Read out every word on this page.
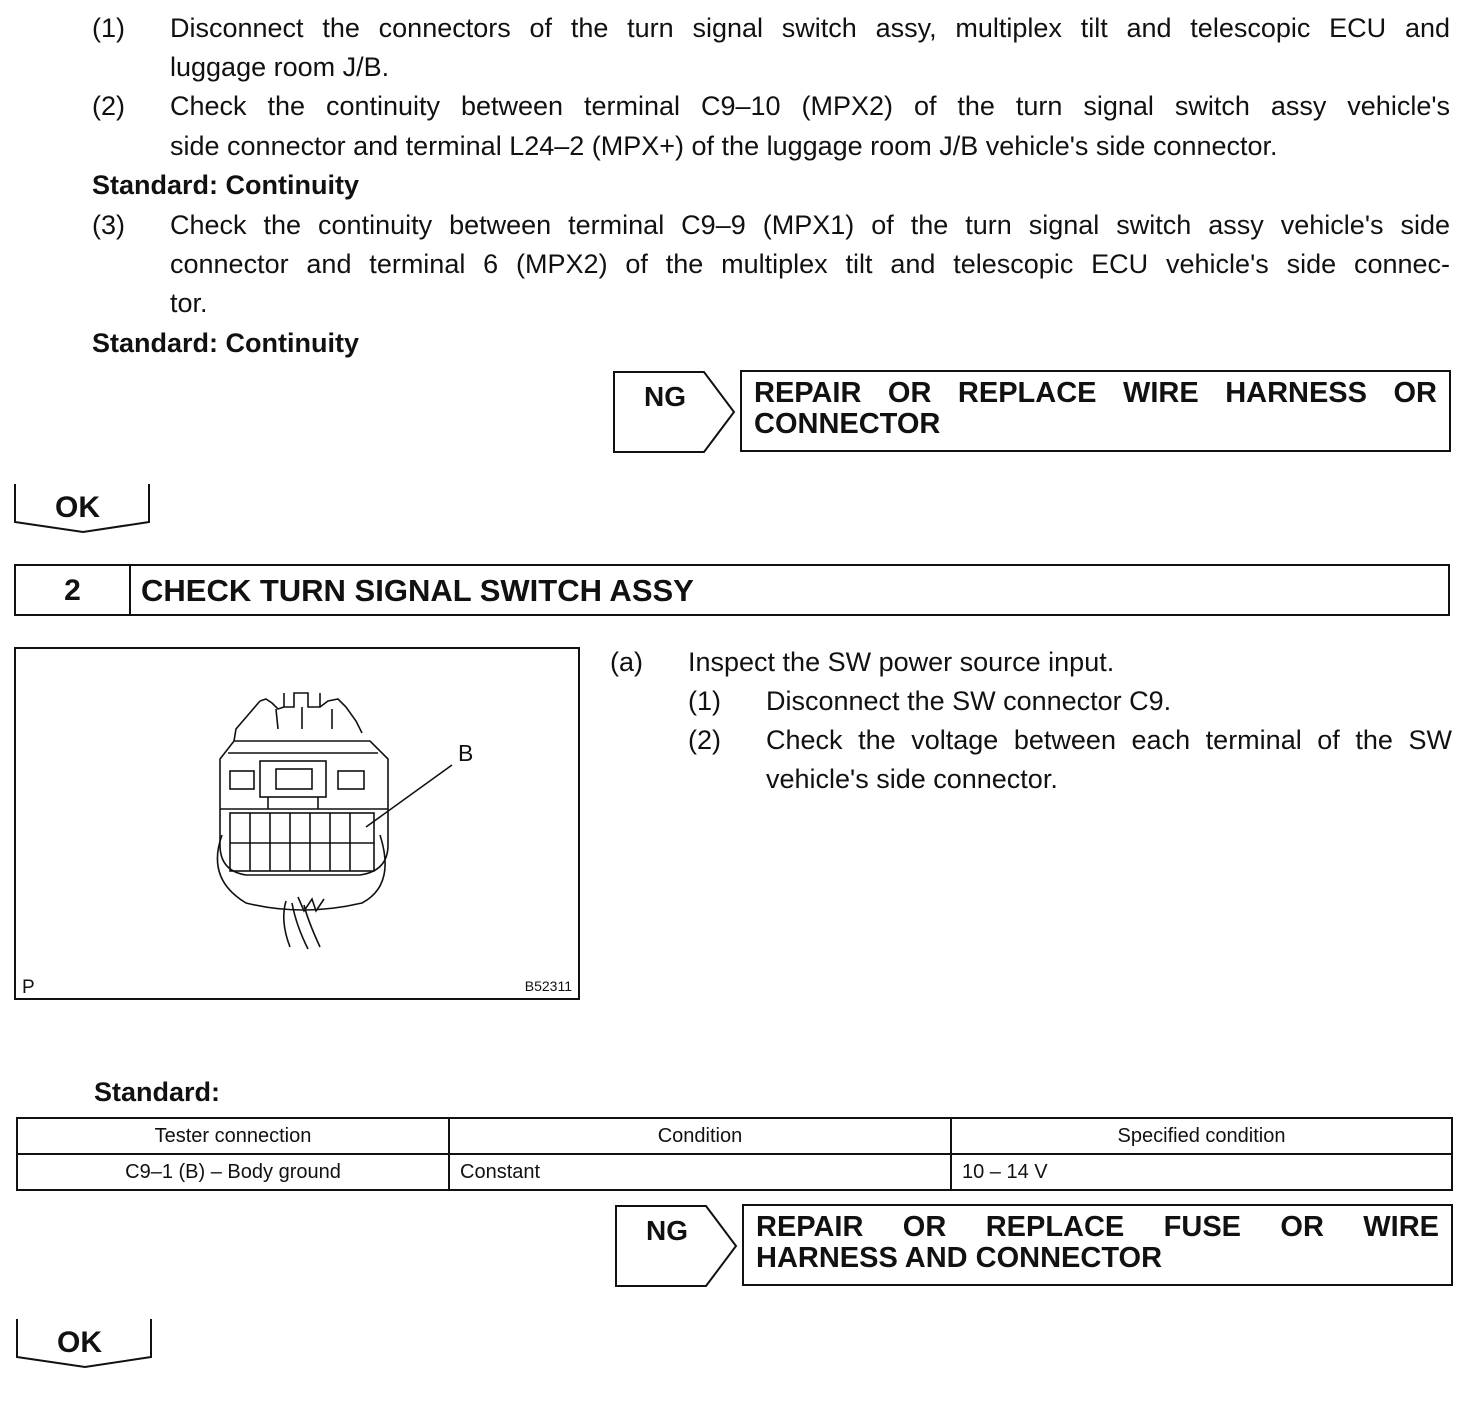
(1) Disconnect the connectors of the turn signal switch assy, multiplex tilt and telescopic ECU and
luggage room J/B.
(2) Check the continuity between terminal C9–10 (MPX2) of the turn signal switch assy vehicle's
side connector and terminal L24–2 (MPX+) of the luggage room J/B vehicle's side connector.
Standard: Continuity
(3) Check the continuity between terminal C9–9 (MPX1) of the turn signal switch assy vehicle's side
connector and terminal 6 (MPX2) of the multiplex tilt and telescopic ECU vehicle's side connec-
tor.
Standard: Continuity
NG REPAIR OR REPLACE WIRE HARNESS OR
CONNECTOR
OK
2	CHECK TURN SIGNAL SWITCH ASSY
B
P	B52311
(a) Inspect the SW power source input.
(1) Disconnect the SW connector C9.
(2) Check the voltage between each terminal of the SW
vehicle's side connector.
Standard:
Tester connection	Condition	Specified condition
C9–1 (B) – Body ground	Constant	10 – 14 V
NG REPAIR OR REPLACE FUSE OR WIRE
HARNESS AND CONNECTOR
OK
